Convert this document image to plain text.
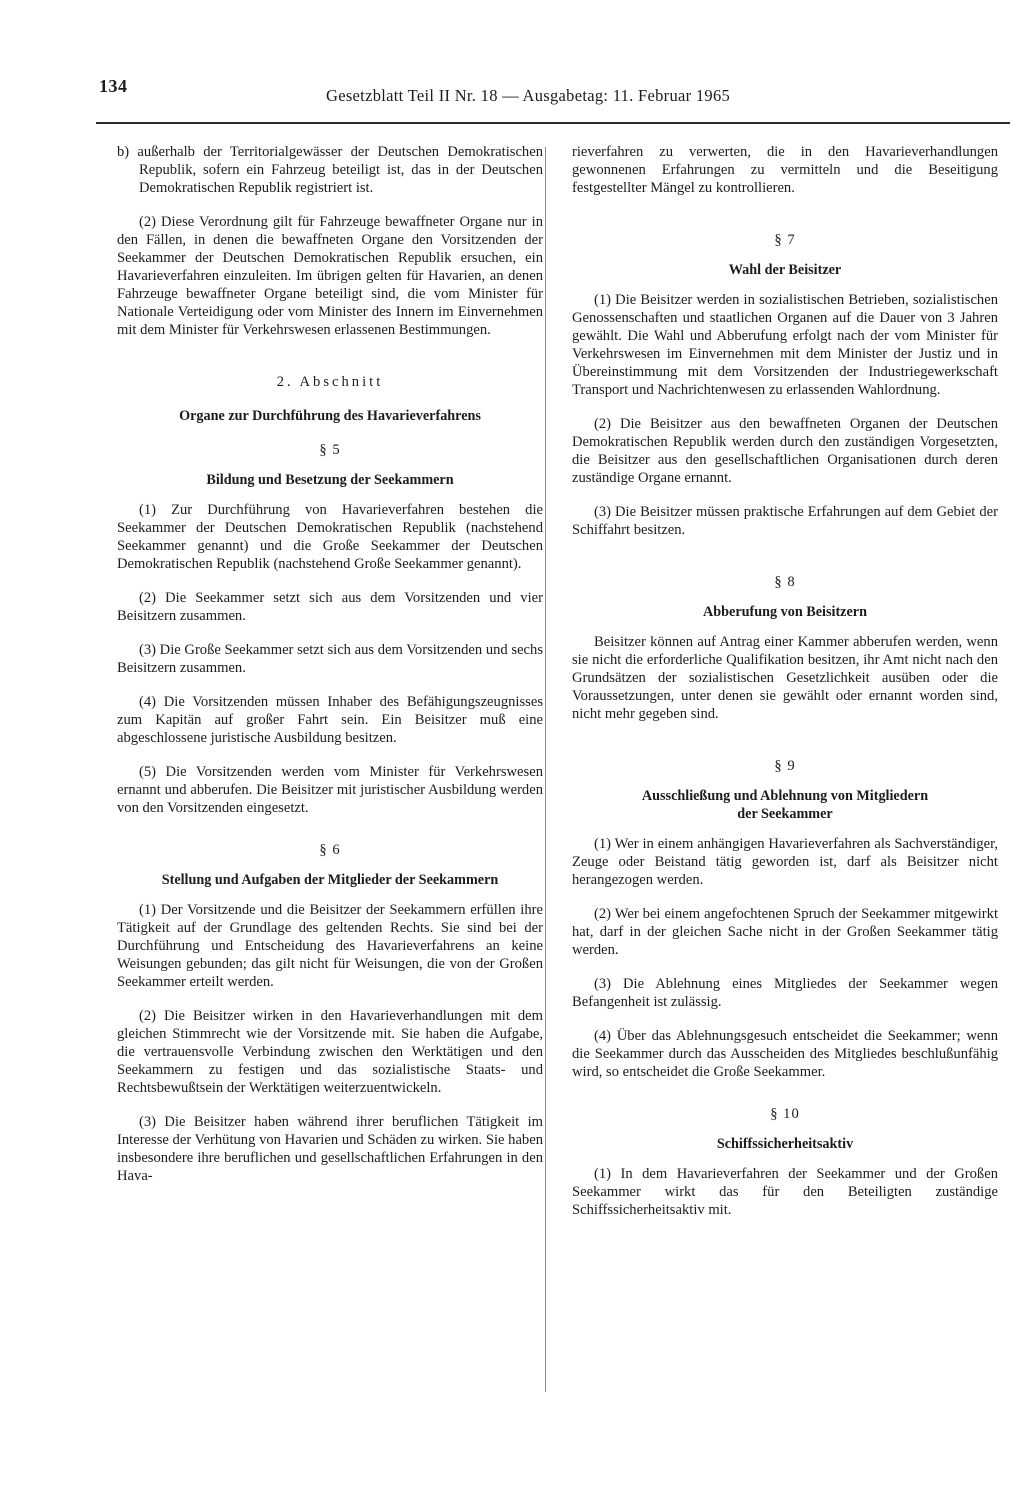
134	Gesetzblatt Teil II Nr. 18 — Ausgabetag: 11. Februar 1965

b) außerhalb der Territorialgewässer der Deutschen Demokratischen Republik, sofern ein Fahrzeug beteiligt ist, das in der Deutschen Demokratischen Republik registriert ist.

(2) Diese Verordnung gilt für Fahrzeuge bewaffneter Organe nur in den Fällen, in denen die bewaffneten Organe den Vorsitzenden der Seekammer der Deutschen Demokratischen Republik ersuchen, ein Havarieverfahren einzuleiten. Im übrigen gelten für Havarien, an denen Fahrzeuge bewaffneter Organe beteiligt sind, die vom Minister für Nationale Verteidigung oder vom Minister des Innern im Einvernehmen mit dem Minister für Verkehrswesen erlassenen Bestimmungen.

2. Abschnitt

Organe zur Durchführung des Havarieverfahrens

§ 5

Bildung und Besetzung der Seekammern

(1) Zur Durchführung von Havarieverfahren bestehen die Seekammer der Deutschen Demokratischen Republik (nachstehend Seekammer genannt) und die Große Seekammer der Deutschen Demokratischen Republik (nachstehend Große Seekammer genannt).

(2) Die Seekammer setzt sich aus dem Vorsitzenden und vier Beisitzern zusammen.

(3) Die Große Seekammer setzt sich aus dem Vorsitzenden und sechs Beisitzern zusammen.

(4) Die Vorsitzenden müssen Inhaber des Befähigungszeugnisses zum Kapitän auf großer Fahrt sein. Ein Beisitzer muß eine abgeschlossene juristische Ausbildung besitzen.

(5) Die Vorsitzenden werden vom Minister für Verkehrswesen ernannt und abberufen. Die Beisitzer mit juristischer Ausbildung werden von den Vorsitzenden eingesetzt.

§ 6

Stellung und Aufgaben der Mitglieder der Seekammern

(1) Der Vorsitzende und die Beisitzer der Seekammern erfüllen ihre Tätigkeit auf der Grundlage des geltenden Rechts. Sie sind bei der Durchführung und Entscheidung des Havarieverfahrens an keine Weisungen gebunden; das gilt nicht für Weisungen, die von der Großen Seekammer erteilt werden.

(2) Die Beisitzer wirken in den Havarieverhandlungen mit dem gleichen Stimmrecht wie der Vorsitzende mit. Sie haben die Aufgabe, die vertrauensvolle Verbindung zwischen den Werktätigen und den Seekammern zu festigen und das sozialistische Staats- und Rechtsbewußtsein der Werktätigen weiterzuentwickeln.

(3) Die Beisitzer haben während ihrer beruflichen Tätigkeit im Interesse der Verhütung von Havarien und Schäden zu wirken. Sie haben insbesondere ihre beruflichen und gesellschaftlichen Erfahrungen in den Hava-

rieverfahren zu verwerten, die in den Havarieverhandlungen gewonnenen Erfahrungen zu vermitteln und die Beseitigung festgestellter Mängel zu kontrollieren.

§ 7

Wahl der Beisitzer

(1) Die Beisitzer werden in sozialistischen Betrieben, sozialistischen Genossenschaften und staatlichen Organen auf die Dauer von 3 Jahren gewählt. Die Wahl und Abberufung erfolgt nach der vom Minister für Verkehrswesen im Einvernehmen mit dem Minister der Justiz und in Übereinstimmung mit dem Vorsitzenden der Industriegewerkschaft Transport und Nachrichtenwesen zu erlassenden Wahlordnung.

(2) Die Beisitzer aus den bewaffneten Organen der Deutschen Demokratischen Republik werden durch den zuständigen Vorgesetzten, die Beisitzer aus den gesellschaftlichen Organisationen durch deren zuständige Organe ernannt.

(3) Die Beisitzer müssen praktische Erfahrungen auf dem Gebiet der Schiffahrt besitzen.

§ 8

Abberufung von Beisitzern

Beisitzer können auf Antrag einer Kammer abberufen werden, wenn sie nicht die erforderliche Qualifikation besitzen, ihr Amt nicht nach den Grundsätzen der sozialistischen Gesetzlichkeit ausüben oder die Voraussetzungen, unter denen sie gewählt oder ernannt worden sind, nicht mehr gegeben sind.

§ 9

Ausschließung und Ablehnung von Mitgliedern

der Seekammer

(1) Wer in einem anhängigen Havarieverfahren als Sachverständiger, Zeuge oder Beistand tätig geworden ist, darf als Beisitzer nicht herangezogen werden.

(2) Wer bei einem angefochtenen Spruch der Seekammer mitgewirkt hat, darf in der gleichen Sache nicht in der Großen Seekammer tätig werden.

(3) Die Ablehnung eines Mitgliedes der Seekammer wegen Befangenheit ist zulässig.

(4) Über das Ablehnungsgesuch entscheidet die Seekammer; wenn die Seekammer durch das Ausscheiden des Mitgliedes beschlußunfähig wird, so entscheidet die Große Seekammer.

§ 10

Schiffssicherheitsaktiv

(1) In dem Havarieverfahren der Seekammer und der Großen Seekammer wirkt das für den Beteiligten zuständige Schiffssicherheitsaktiv mit.
